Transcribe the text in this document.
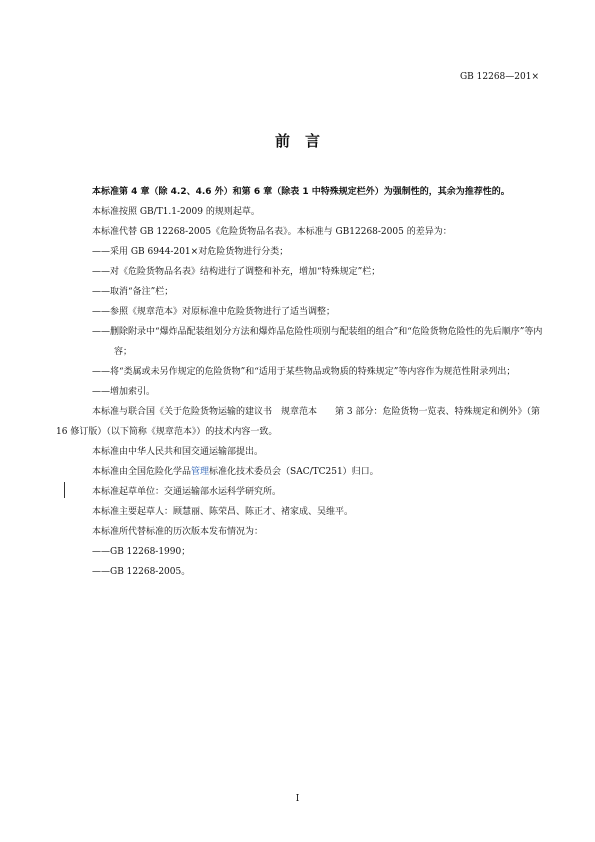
GB 12268—201×
前　言

本标准第 4 章（除 4.2、4.6 外）和第 6 章（除表 1 中特殊规定栏外）为强制性的，其余为推荐性的。

本标准按照 GB/T1.1-2009 的规则起草。

本标准代替 GB 12268-2005《危险货物品名表》。本标准与 GB12268-2005 的差异为：

——采用 GB 6944-201×对危险货物进行分类；

——对《危险货物品名表》结构进行了调整和补充，增加“特殊规定”栏；

——取消“备注”栏；

——参照《规章范本》对原标准中危险货物进行了适当调整；

——删除附录中“爆炸品配装组划分方法和爆炸品危险性项别与配装组的组合”和“危险货物危险性的先后顺序”等内容；

——将“类属或未另作规定的危险货物”和“适用于某些物品或物质的特殊规定”等内容作为规范性附录列出；

——增加索引。

本标准与联合国《关于危险货物运输的建议书　规章范本　　第 3 部分：危险货物一览表、特殊规定和例外》（第 16 修订版）（以下简称《规章范本》）的技术内容一致。

本标准由中华人民共和国交通运输部提出。

本标准由全国危险化学品管理标准化技术委员会（SAC/TC251）归口。

本标准起草单位：交通运输部水运科学研究所。

本标准主要起草人：顾慧丽、陈荣昌、陈正才、褚家成、吴维平。

本标准所代替标准的历次版本发布情况为：

——GB 12268-1990；

——GB 12268-2005。

I
